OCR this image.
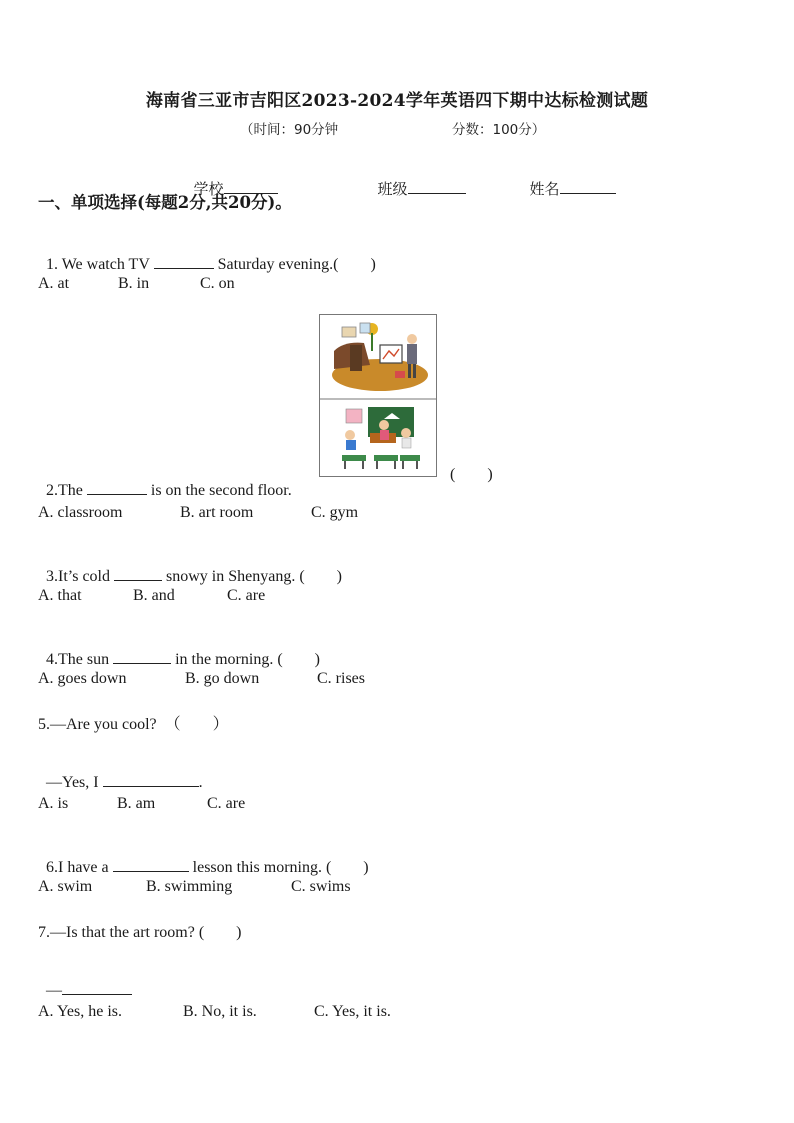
海南省三亚市吉阳区2023-2024学年英语四下期中达标检测试题
（时间：90分钟	分数：100分）

学校	班级	姓名

一、单项选择(每题2分,共20分)。

1. We watch TV	Saturday evening.(　　)

A. at	B. in	C. on

2.The	is on the second floor.

(　　)
A. classroom	B. art room	C. gym

3.It’s cold	snowy in Shenyang. (　　)

A. that	B. and	C. are

4.The sun	in the morning. (　　)

A. goes down	B. go down	C. rises
5.—Are you cool?  （　　）

—Yes, I	.

A. is	B. am	C. are

6.I have a	lesson this morning. (　　)

A. swim	B. swimming	C. swims
7.—Is that the art room? (　　)

—

A. Yes, he is.	B. No, it is.	C. Yes, it is.
